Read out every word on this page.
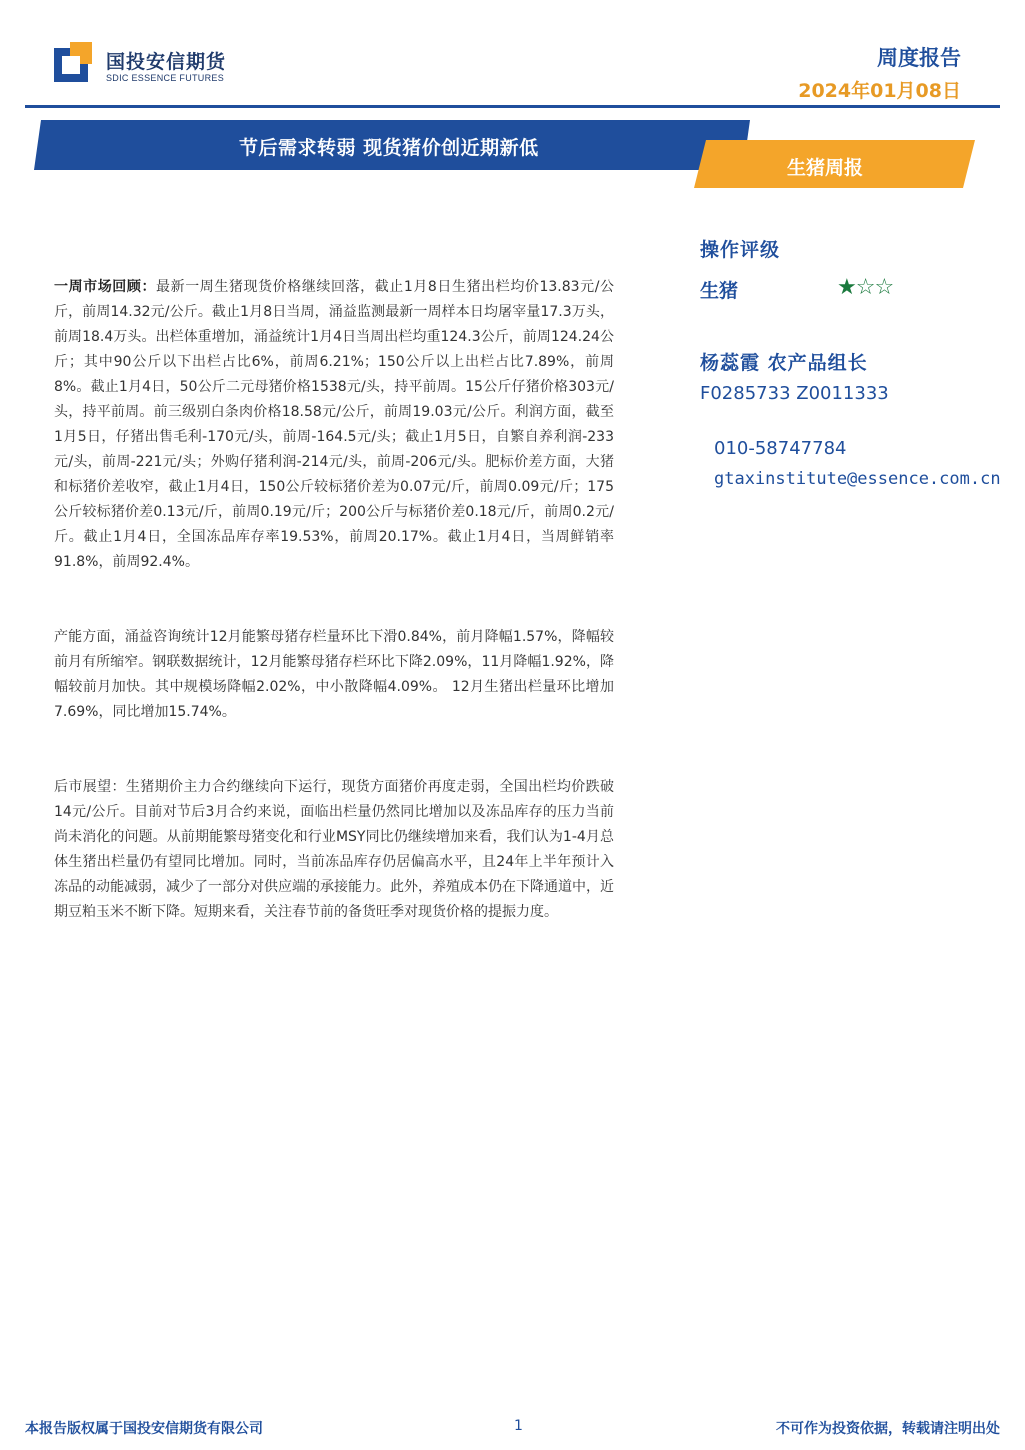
国投安信期货
SDIC ESSENCE FUTURES
周度报告
2024年01月08日
节后需求转弱 现货猪价创近期新低
生猪周报

一周市场回顾：最新一周生猪现货价格继续回落，截止1月8日生猪出栏均价13.83元/公斤，前周14.32元/公斤。截止1月8日当周，涌益监测最新一周样本日均屠宰量17.3万头，前周18.4万头。出栏体重增加，涌益统计1月4日当周出栏均重124.3公斤，前周124.24公斤；其中90公斤以下出栏占比6%，前周6.21%；150公斤以上出栏占比7.89%，前周8%。截止1月4日，50公斤二元母猪价格1538元/头，持平前周。15公斤仔猪价格303元/头，持平前周。前三级别白条肉价格18.58元/公斤，前周19.03元/公斤。利润方面，截至1月5日，仔猪出售毛利-170元/头，前周-164.5元/头；截止1月5日，自繁自养利润-233元/头，前周-221元/头；外购仔猪利润-214元/头，前周-206元/头。肥标价差方面，大猪和标猪价差收窄，截止1月4日，150公斤较标猪价差为0.07元/斤，前周0.09元/斤；175公斤较标猪价差0.13元/斤，前周0.19元/斤；200公斤与标猪价差0.18元/斤，前周0.2元/斤。截止1月4日，全国冻品库存率19.53%，前周20.17%。截止1月4日，当周鲜销率91.8%，前周92.4%。

产能方面，涌益咨询统计12月能繁母猪存栏量环比下滑0.84%，前月降幅1.57%，降幅较前月有所缩窄。钢联数据统计，12月能繁母猪存栏环比下降2.09%，11月降幅1.92%，降幅较前月加快。其中规模场降幅2.02%，中小散降幅4.09%。 12月生猪出栏量环比增加7.69%，同比增加15.74%。

后市展望：生猪期价主力合约继续向下运行，现货方面猪价再度走弱，全国出栏均价跌破14元/公斤。目前对节后3月合约来说，面临出栏量仍然同比增加以及冻品库存的压力当前尚未消化的问题。从前期能繁母猪变化和行业MSY同比仍继续增加来看，我们认为1-4月总体生猪出栏量仍有望同比增加。同时，当前冻品库存仍居偏高水平，且24年上半年预计入冻品的动能减弱，减少了一部分对供应端的承接能力。此外，养殖成本仍在下降通道中，近期豆粕玉米不断下降。短期来看，关注春节前的备货旺季对现货价格的提振力度。

操作评级
生猪	★☆☆
杨蕊霞 农产品组长
F0285733 Z0011333
010-58747784
gtaxinstitute@essence.com.cn
本报告版权属于国投安信期货有限公司	1	不可作为投资依据，转载请注明出处
